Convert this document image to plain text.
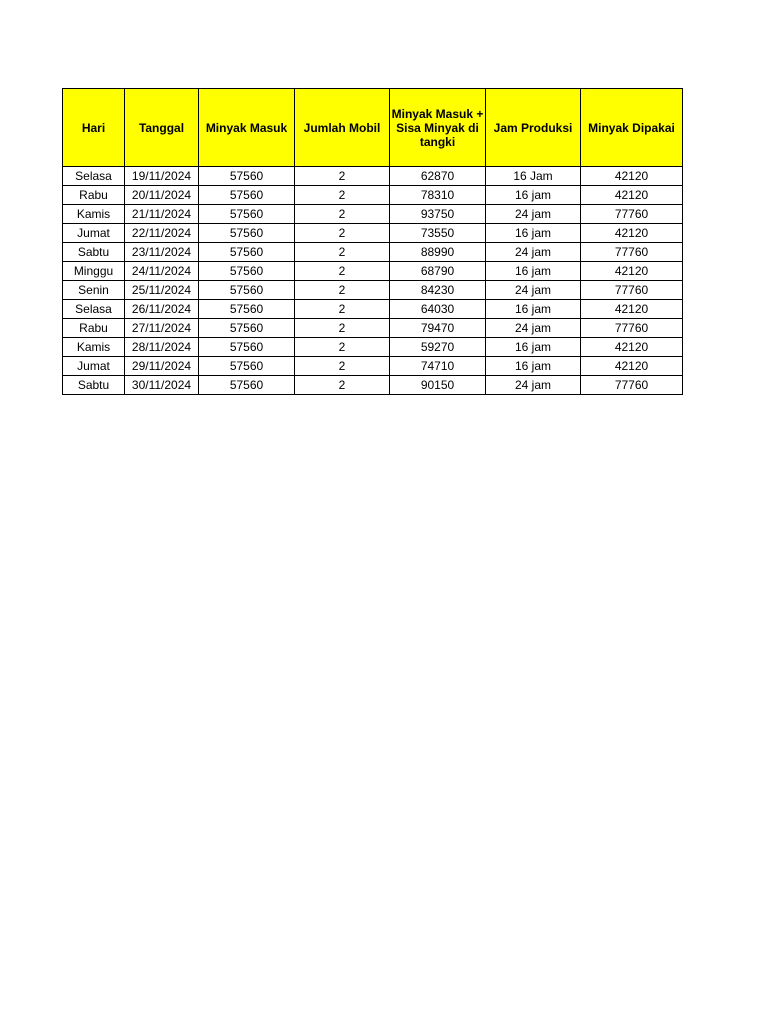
Hari	Tanggal	Minyak Masuk	Jumlah Mobil	Minyak Masuk + Sisa Minyak di tangki	Jam Produksi	Minyak Dipakai
Selasa	19/11/2024	57560	2	62870	16 Jam	42120
Rabu	20/11/2024	57560	2	78310	16 jam	42120
Kamis	21/11/2024	57560	2	93750	24 jam	77760
Jumat	22/11/2024	57560	2	73550	16 jam	42120
Sabtu	23/11/2024	57560	2	88990	24 jam	77760
Minggu	24/11/2024	57560	2	68790	16 jam	42120
Senin	25/11/2024	57560	2	84230	24 jam	77760
Selasa	26/11/2024	57560	2	64030	16 jam	42120
Rabu	27/11/2024	57560	2	79470	24 jam	77760
Kamis	28/11/2024	57560	2	59270	16 jam	42120
Jumat	29/11/2024	57560	2	74710	16 jam	42120
Sabtu	30/11/2024	57560	2	90150	24 jam	77760
